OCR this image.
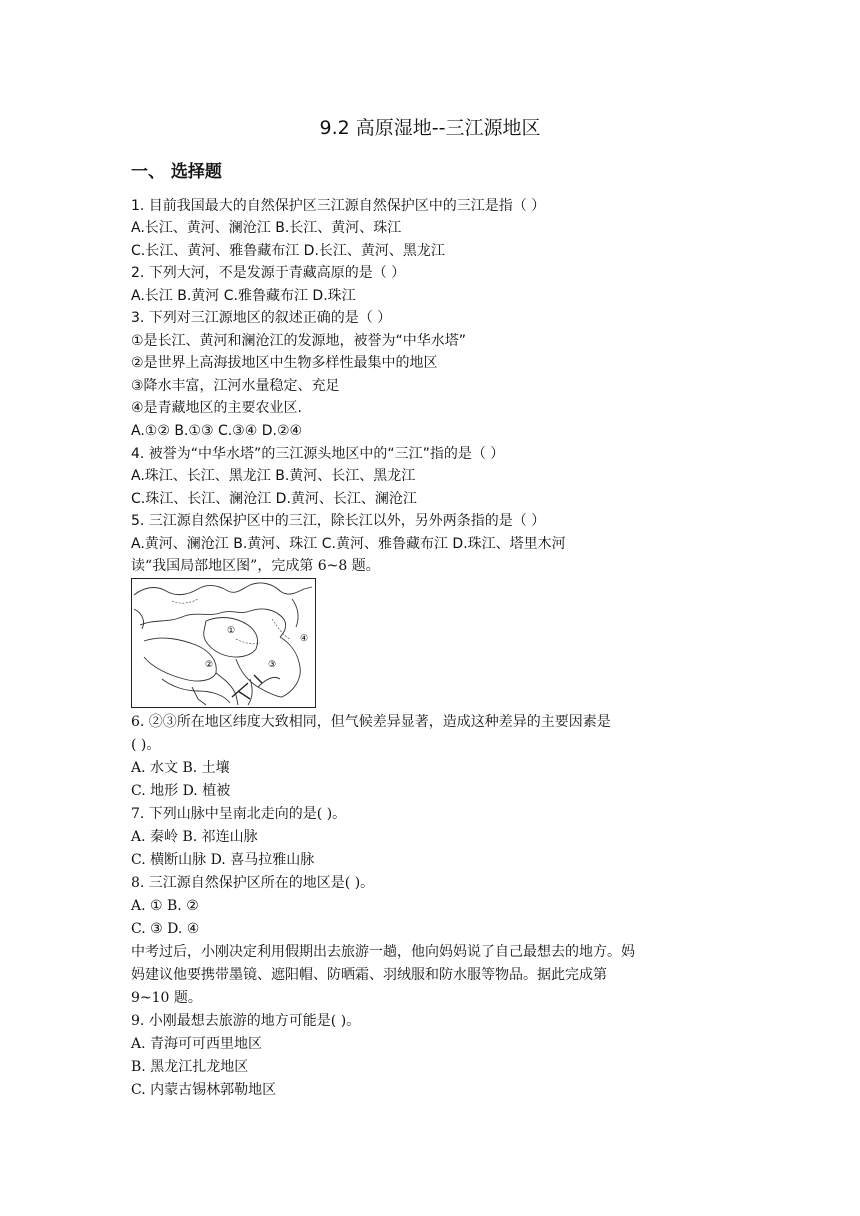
9.2 高原湿地--三江源地区
一、 选择题
1. 目前我国最大的自然保护区三江源自然保护区中的三江是指（ ）
A.长江、黄河、澜沧江 B.长江、黄河、珠江
C.长江、黄河、雅鲁藏布江 D.长江、黄河、黑龙江
2. 下列大河，不是发源于青藏高原的是（ ）
A.长江 B.黄河 C.雅鲁藏布江 D.珠江
3. 下列对三江源地区的叙述正确的是（ ）
①是长江、黄河和澜沧江的发源地，被誉为“中华水塔”
②是世界上高海拔地区中生物多样性最集中的地区
③降水丰富，江河水量稳定、充足
④是青藏地区的主要农业区.
A.①② B.①③ C.③④ D.②④
4. 被誉为“中华水塔”的三江源头地区中的“三江”指的是（ ）
A.珠江、长江、黑龙江 B.黄河、长江、黑龙江
C.珠江、长江、澜沧江 D.黄河、长江、澜沧江
5. 三江源自然保护区中的三江，除长江以外，另外两条指的是（ ）
A.黄河、澜沧江 B.黄河、珠江 C.黄河、雅鲁藏布江 D.珠江、塔里木河
读“我国局部地区图”，完成第 6~8 题。
①
②	③
④
6. ②③所在地区纬度大致相同，但气候差异显著，造成这种差异的主要因素是
( )。
A. 水文 B. 土壤
C. 地形 D. 植被
7. 下列山脉中呈南北走向的是( )。
A. 秦岭 B. 祁连山脉
C. 横断山脉 D. 喜马拉雅山脉
8. 三江源自然保护区所在的地区是( )。
A. ① B. ②
C. ③ D. ④
中考过后，小刚决定利用假期出去旅游一趟，他向妈妈说了自己最想去的地方。妈
妈建议他要携带墨镜、遮阳帽、防晒霜、羽绒服和防水服等物品。据此完成第
9~10 题。
9. 小刚最想去旅游的地方可能是( )。
A. 青海可可西里地区
B. 黑龙江扎龙地区
C. 内蒙古锡林郭勒地区
